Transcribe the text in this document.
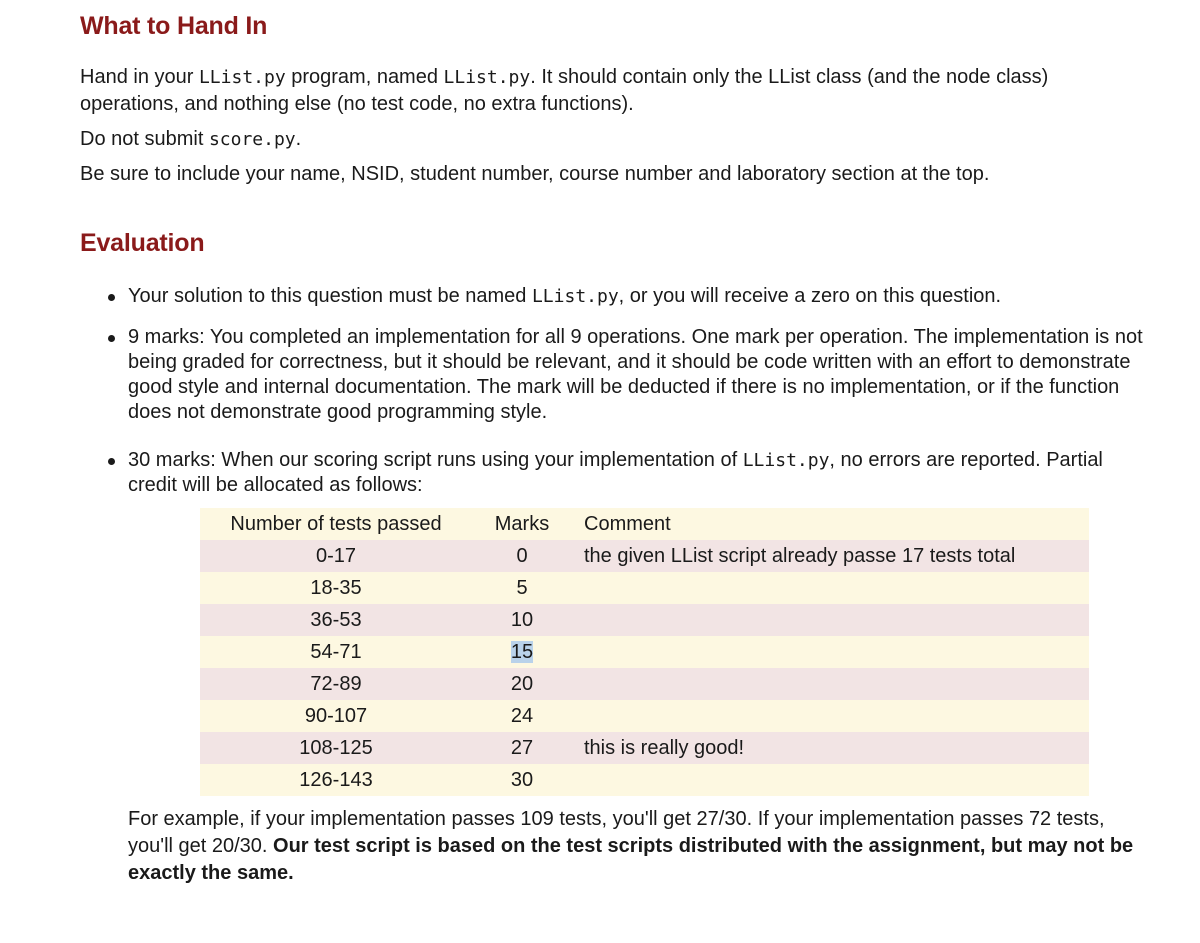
What to Hand In

Hand in your LList.py program, named LList.py. It should contain only the LList class (and the node class) operations, and nothing else (no test code, no extra functions).

Do not submit score.py.

Be sure to include your name, NSID, student number, course number and laboratory section at the top.

Evaluation
Your solution to this question must be named LList.py, or you will receive a zero on this question.
9 marks: You completed an implementation for all 9 operations. One mark per operation. The implementation is not being graded for correctness, but it should be relevant, and it should be code written with an effort to demonstrate good style and internal documentation. The mark will be deducted if there is no implementation, or if the function does not demonstrate good programming style.
30 marks: When our scoring script runs using your implementation of LList.py, no errors are reported. Partial credit will be allocated as follows:
Number of tests passed	Marks	Comment
0-17	0	the given LList script already passe 17 tests total
18-35	5	
36-53	10	
54-71	15	
72-89	20	
90-107	24	
108-125	27	this is really good!
126-143	30	

For example, if your implementation passes 109 tests, you'll get 27/30. If your implementation passes 72 tests, you'll get 20/30. Our test script is based on the test scripts distributed with the assignment, but may not be exactly the same.
